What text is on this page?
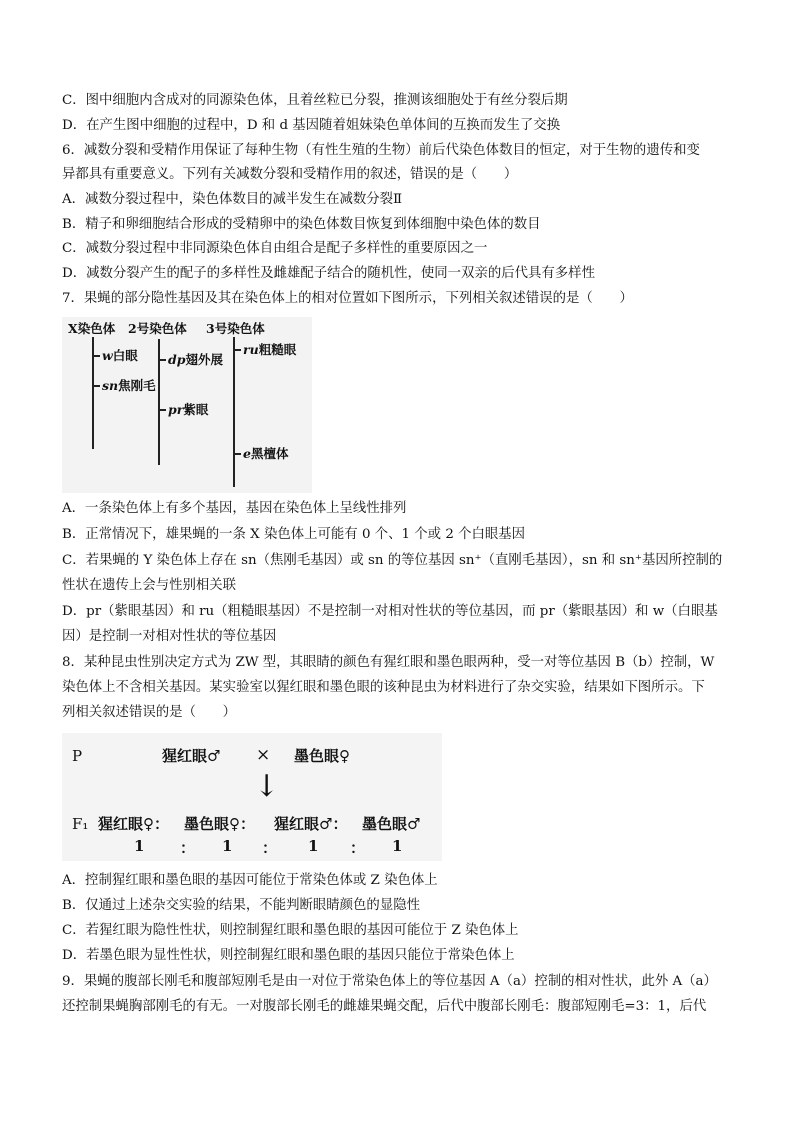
C．图中细胞内含成对的同源染色体，且着丝粒已分裂，推测该细胞处于有丝分裂后期
D．在产生图中细胞的过程中，D 和 d 基因随着姐妹染色单体间的互换而发生了交换
6．减数分裂和受精作用保证了每种生物（有性生殖的生物）前后代染色体数目的恒定，对于生物的遗传和变
异都具有重要意义。下列有关减数分裂和受精作用的叙述，错误的是（　　）
A．减数分裂过程中，染色体数目的减半发生在减数分裂Ⅱ
B．精子和卵细胞结合形成的受精卵中的染色体数目恢复到体细胞中染色体的数目
C．减数分裂过程中非同源染色体自由组合是配子多样性的重要原因之一
D．减数分裂产生的配子的多样性及雌雄配子结合的随机性，使同一双亲的后代具有多样性
7．果蝇的部分隐性基因及其在染色体上的相对位置如下图所示，下列相关叙述错误的是（　　）
A．一条染色体上有多个基因，基因在染色体上呈线性排列
B．正常情况下，雄果蝇的一条 X 染色体上可能有 0 个、1 个或 2 个白眼基因
C．若果蝇的 Y 染色体上存在 sn（焦刚毛基因）或 sn 的等位基因 sn⁺（直刚毛基因），sn 和 sn⁺基因所控制的
性状在遗传上会与性别相关联
D．pr（紫眼基因）和 ru（粗糙眼基因）不是控制一对相对性状的等位基因，而 pr（紫眼基因）和 w（白眼基
因）是控制一对相对性状的等位基因
8．某种昆虫性别决定方式为 ZW 型，其眼睛的颜色有猩红眼和墨色眼两种，受一对等位基因 B（b）控制，W
染色体上不含相关基因。某实验室以猩红眼和墨色眼的该种昆虫为材料进行了杂交实验，结果如下图所示。下
列相关叙述错误的是（　　）
A．控制猩红眼和墨色眼的基因可能位于常染色体或 Z 染色体上
B．仅通过上述杂交实验的结果，不能判断眼睛颜色的显隐性
C．若猩红眼为隐性性状，则控制猩红眼和墨色眼的基因可能位于 Z 染色体上
D．若墨色眼为显性性状，则控制猩红眼和墨色眼的基因只能位于常染色体上
9．果蝇的腹部长刚毛和腹部短刚毛是由一对位于常染色体上的等位基因 A（a）控制的相对性状，此外 A（a）
还控制果蝇胸部刚毛的有无。一对腹部长刚毛的雌雄果蝇交配，后代中腹部长刚毛：腹部短刚毛=3：1，后代
X染色体 2号染色体 3号染色体
w白眼
sn焦刚毛
dp翅外展
pr紫眼
ru粗糙眼
e黑檀体
P	猩红眼♂ × 墨色眼♀
↓
F₁ 猩红眼♀： 墨色眼♀： 猩红眼♂： 墨色眼♂
1 ： 1 ： 1 ： 1
